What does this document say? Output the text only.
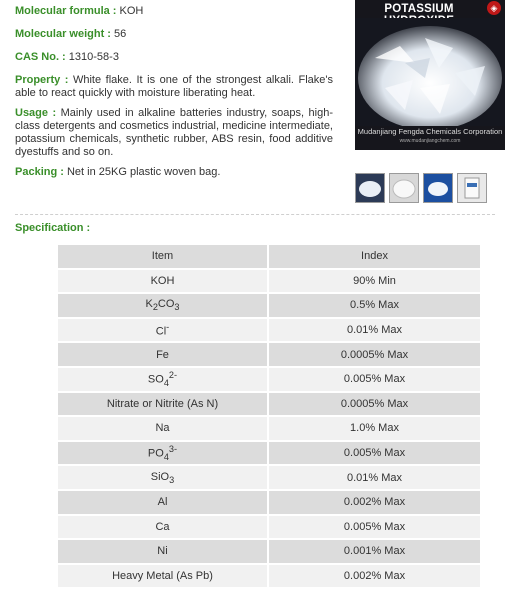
Molecular formula : KOH

Molecular weight : 56

CAS No. : 1310-58-3

Property : White flake. It is one of the strongest alkali. Flake's able to react quickly with moisture liberating heat.

Usage : Mainly used in alkaline batteries industry, soaps, high-class detergents and cosmetics industrial, medicine intermediate, potassium chemicals, synthetic rubber, ABS resin, food additive dyestuffs and so on.

Packing : Net in 25KG plastic woven bag.

POTASSIUM	◈
Mudanjiang Fengda Chemicals Corporation
www.mudanjiangchem.com
Specification :
Item	Index
KOH	90% Min
$K_2CO_3$	0.5% Max
Cl-	0.01% Max
Fe	0.0005% Max
$SO_4^{2-}$	0.005% Max
Nitrate or Nitrite (As N)	0.0005% Max
Na	1.0% Max
$PO_4^{3-}$	0.005% Max
SiO$_3$	0.01% Max
Al	0.002% Max
Ca	0.005% Max
Ni	0.001% Max
Heavy Metal (As Pb)	0.002% Max
